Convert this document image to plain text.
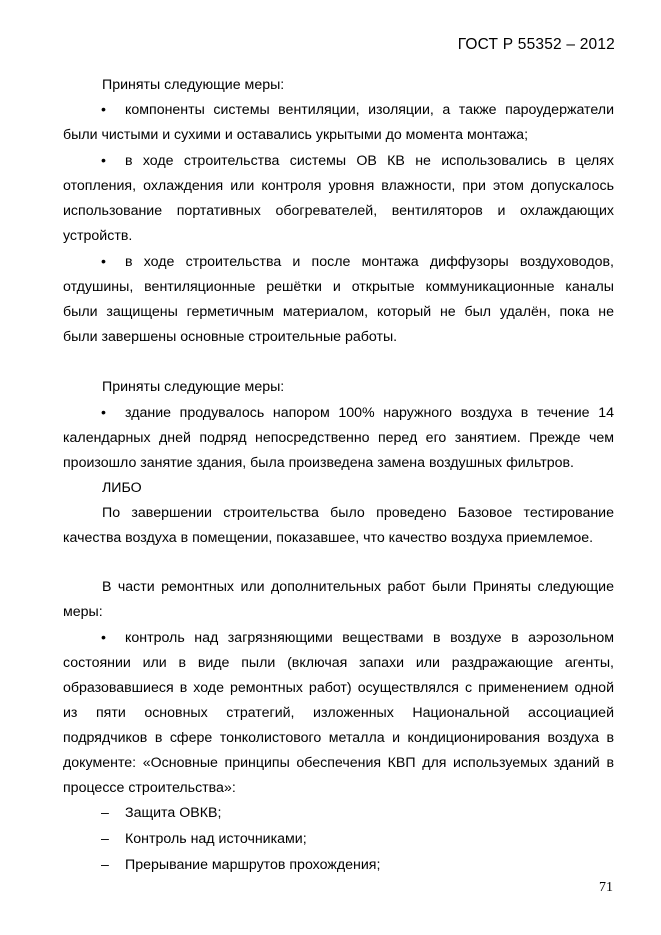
ГОСТ Р 55352 – 2012
Приняты следующие меры:
•	компоненты системы вентиляции, изоляции, а также пароудержатели
были чистыми и сухими и оставались укрытыми до момента монтажа;
•	в ходе строительства системы ОВ КВ не использовались в целях
отопления, охлаждения или контроля уровня влажности, при этом допускалось
использование портативных обогревателей, вентиляторов и охлаждающих
устройств.
•	в ходе строительства и после монтажа диффузоры воздуховодов,
отдушины, вентиляционные решётки и открытые коммуникационные каналы
были защищены герметичным материалом, который не был удалён, пока не
были завершены основные строительные работы.
Приняты следующие меры:
•	здание продувалось напором 100% наружного воздуха в течение 14
календарных дней подряд непосредственно перед его занятием. Прежде чем
произошло занятие здания, была произведена замена воздушных фильтров.
ЛИБО
По завершении строительства было проведено Базовое тестирование
качества воздуха в помещении, показавшее, что качество воздуха приемлемое.
В части ремонтных или дополнительных работ были Приняты следующие
меры:
•	контроль над загрязняющими веществами в воздухе в аэрозольном
состоянии или в виде пыли (включая запахи или раздражающие агенты,
образовавшиеся в ходе ремонтных работ) осуществлялся с применением одной
из пяти основных стратегий, изложенных Национальной ассоциацией
подрядчиков в сфере тонколистового металла и кондиционирования воздуха в
документе: «Основные принципы обеспечения КВП для используемых зданий в
процессе строительства»:
–	Защита ОВКВ;
–	Контроль над источниками;
–	Прерывание маршрутов прохождения;
71
